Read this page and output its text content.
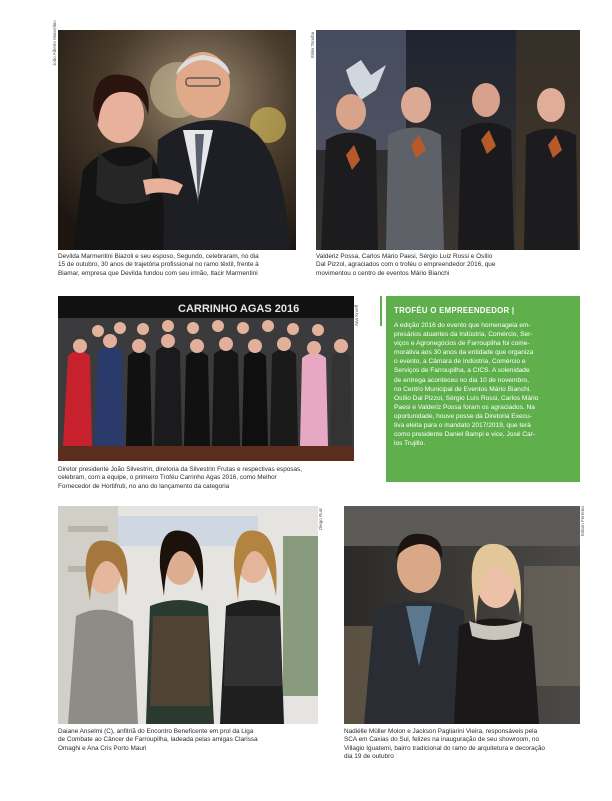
João Alberto Marcelino
Devilda Marmentini Biazoli e seu esposo, Segundo, celebraram, no dia
15 de outubro, 30 anos de trajetória profissional no ramo têxtil, frente à
Biamar, empresa que Devilda fundou com seu irmão, Itacir Marmentini
Elder Tonsha
Valderiz Possa, Carlos Mário Paesi, Sérgio Luiz Rossi e Osílio
Dal Pizzol, agraciados com o troféu o empreendedor 2016, que
movimentou o centro de eventos Mário Bianchi
CARRINHO AGAS 2016	Ana Kroeff
Diretor presidente João Silvestrin, diretoria da Silvestrin Frutas e respectivas esposas,
celebram, com a equipe, o primeiro Troféu Carrinho Agas 2016, como Melhor
Fornecedor de Hortifruti, no ano do lançamento da categoria
TROFÉU O EMPREENDEDOR |
A edição 2016 do evento que homenageia em-
presários atuantes da Indústria, Comércio, Ser-
viços e Agronegócios de Farroupilha foi come-
morativa aos 30 anos da entidade que organiza
o evento, a Câmara de Indústria, Comércio e
Serviços de Farroupilha, a CICS. A solenidade
de entrega aconteceu no dia 10 de novembro,
no Centro Municipal de Eventos Mário Bianchi.
Osílio Dal Pizzol, Sérgio Luís Rossi, Carlos Mário
Paesi e Valderiz Possa foram os agraciados. Na
oportunidade, houve posse da Diretoria Execu-
tiva eleita para o mandato 2017/2019, que terá
como presidente Daniel Bampi e vice, José Car-
los Trujillo.
Diego Ruiz
Daiane Anselmi (C), anfitriã do Encontro Beneficente em prol da Liga
de Combate ao Câncer de Farroupilha, ladeada pelas amigas Clarissa
Omaghi e Ana Cris Porto Mauri
Edson Ferreira
Nadiélle Müller Molon e Jackson Pagliarini Vieira, responsáveis pela
SCA em Caxias do Sul, felizes na inauguração de seu showroom, no
Villagio Iguatemi, bairro tradicional do ramo de arquitetura e decoração
dia 19 de outubro
